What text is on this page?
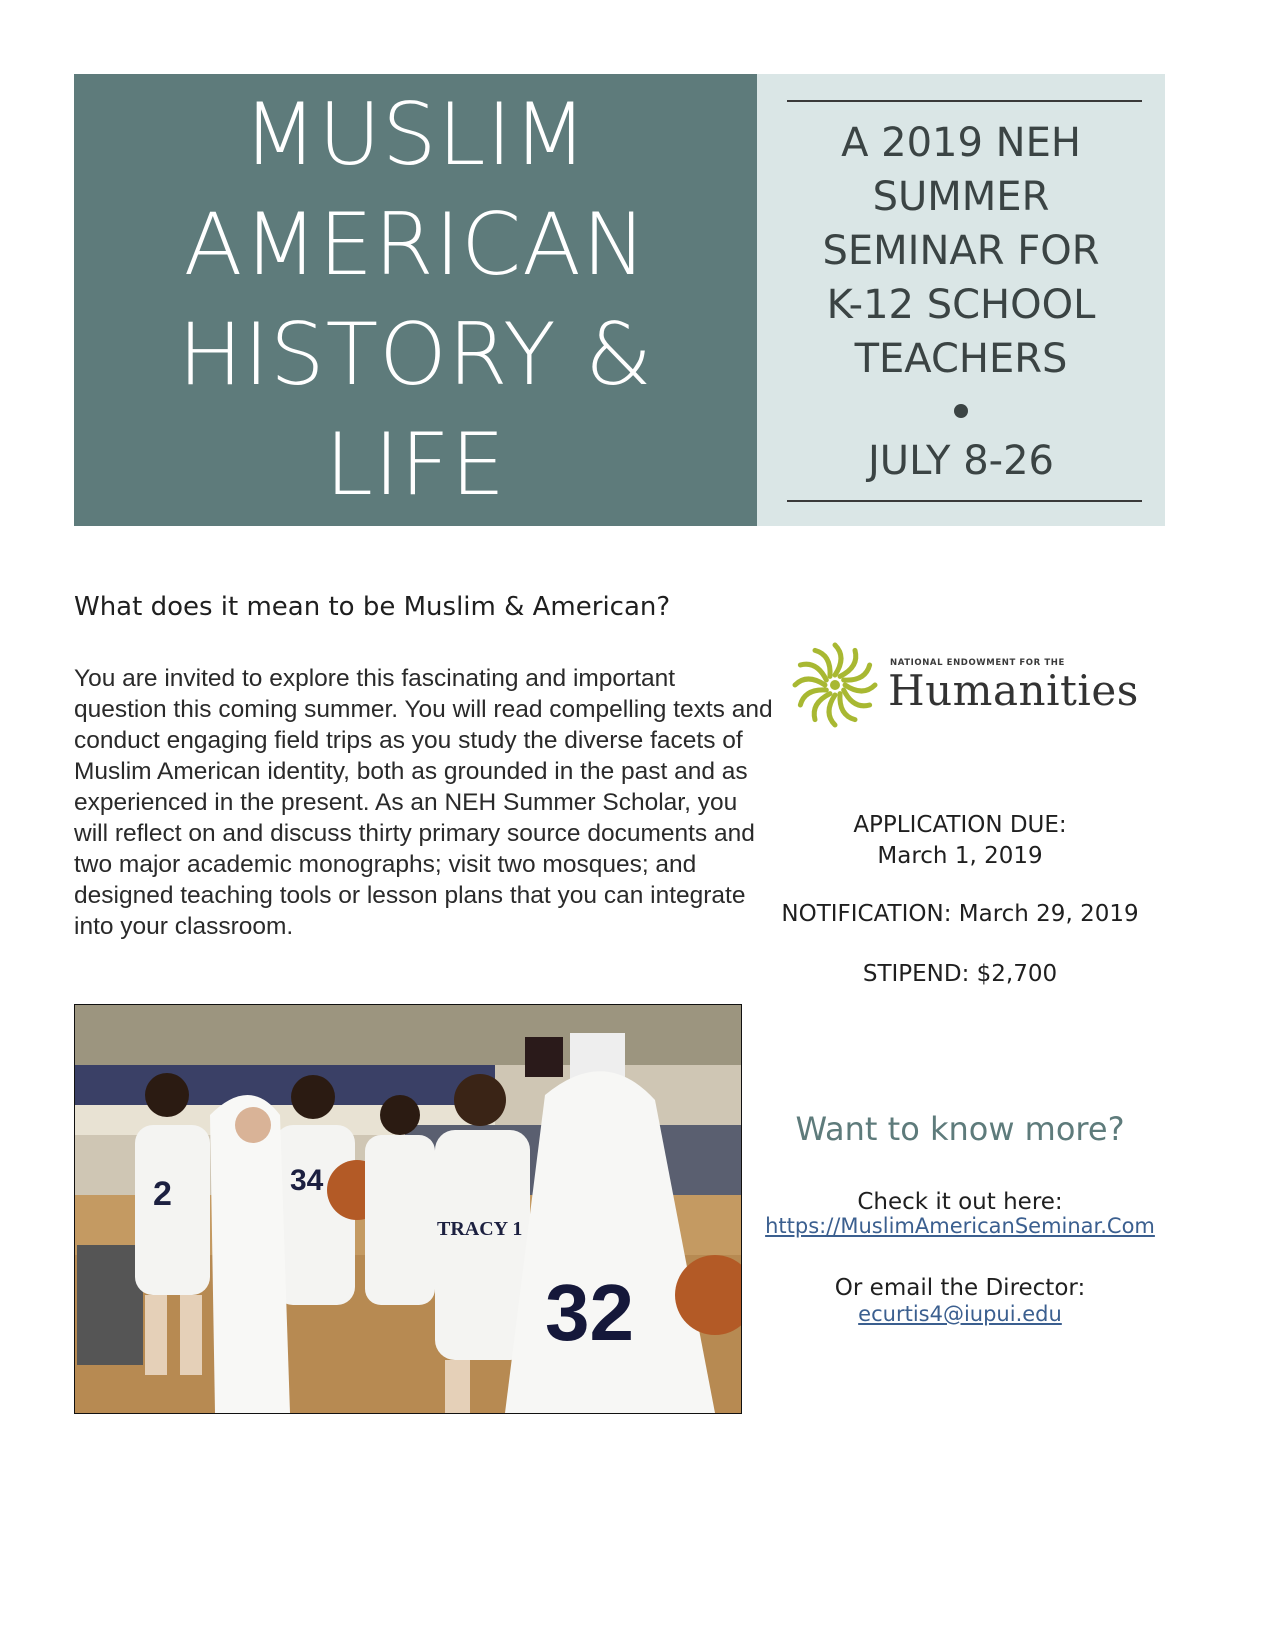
MUSLIM
AMERICAN
HISTORY & LIFE
A 2019 NEH
SUMMER
SEMINAR FOR
K-12 SCHOOL
TEACHERS
JULY 8-26
What does it mean to be Muslim & American?

You are invited to explore this fascinating and important question this coming summer. You will read compelling texts and conduct engaging field trips as you study the diverse facets of Muslim American identity, both as grounded in the past and as experienced in the present. As an NEH Summer Scholar, you will reflect on and discuss thirty primary source documents and two major academic monographs; visit two mosques; and designed teaching tools or lesson plans that you can integrate into your classroom.

2	34
TRACY 1
32
NATIONAL ENDOWMENT FOR THE
Humanities
APPLICATION DUE:
March 1, 2019
NOTIFICATION: March 29, 2019
STIPEND: $2,700
Want to know more?
Check it out here:
https://MuslimAmericanSeminar.Com
Or email the Director:
ecurtis4@iupui.edu
